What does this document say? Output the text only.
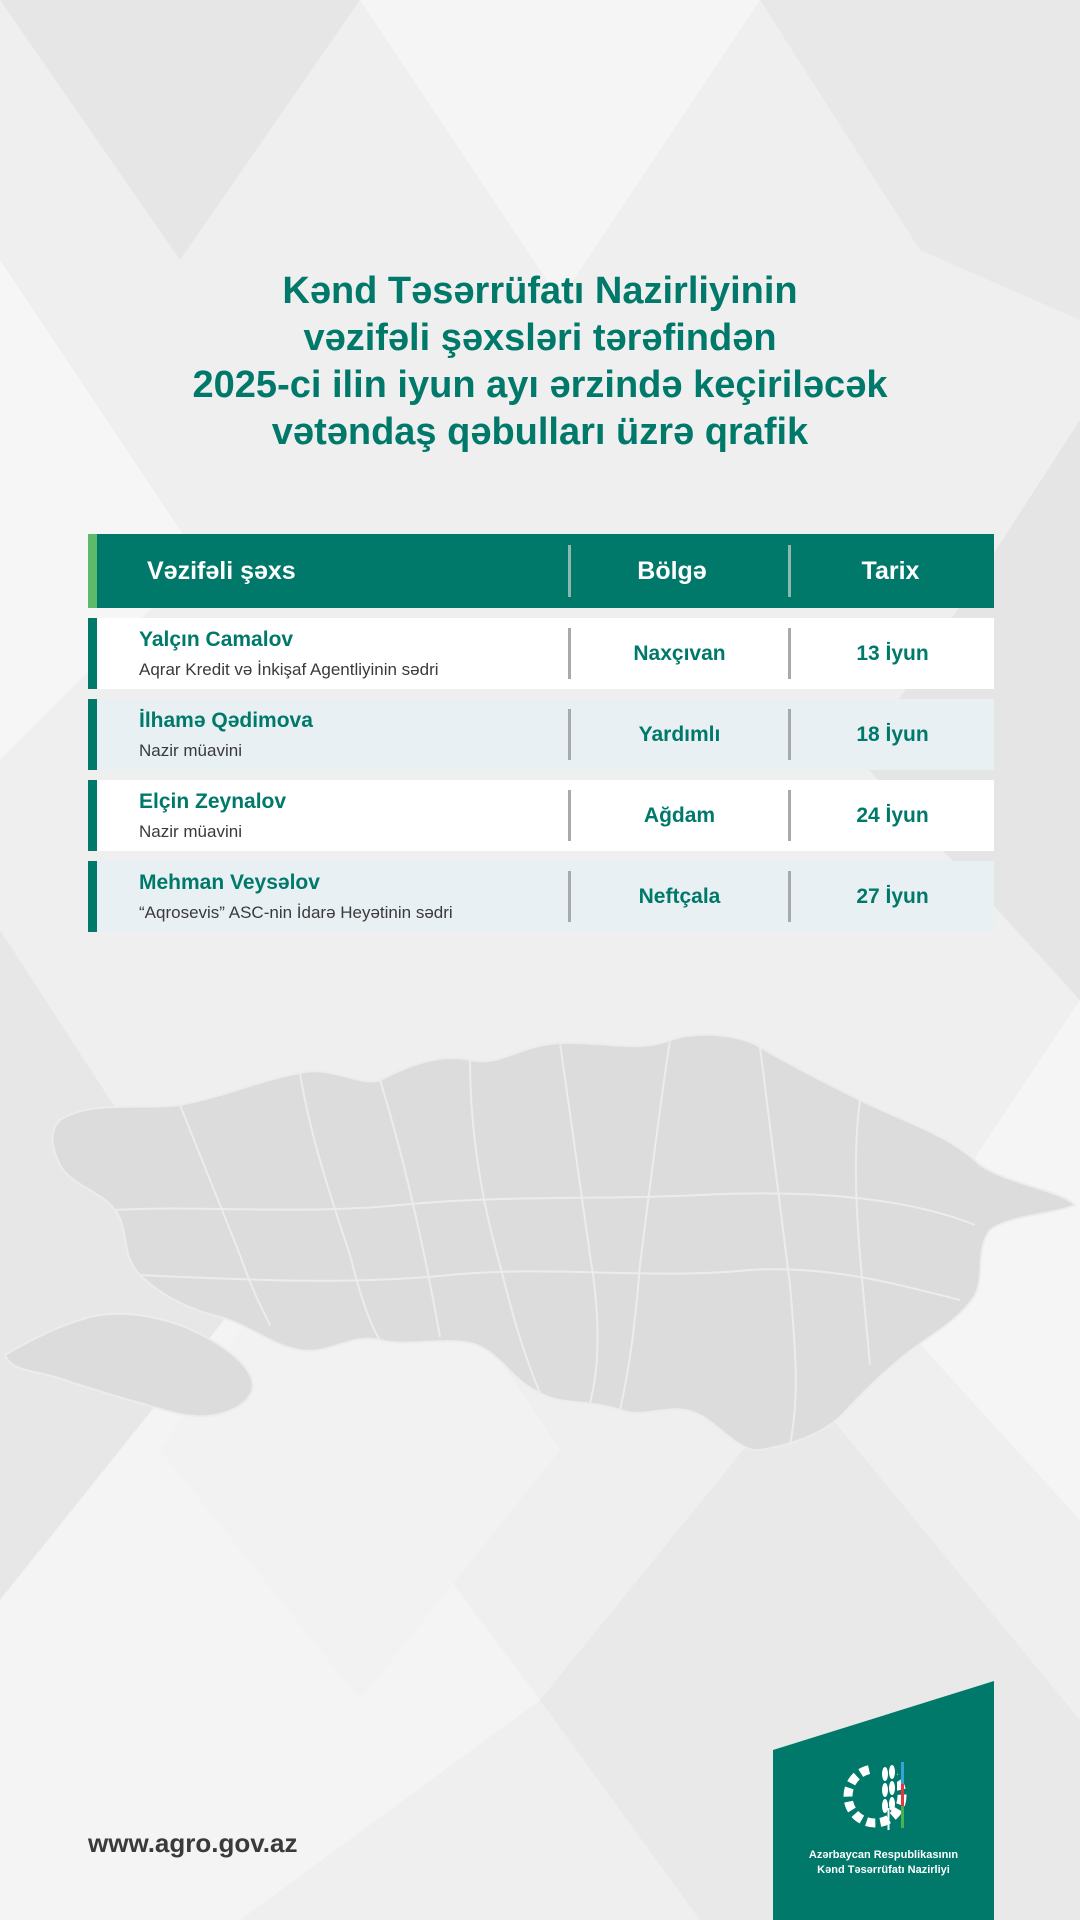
Kənd Təsərrüfatı Nazirliyinin
vəzifəli şəxsləri tərəfindən
2025-ci ilin iyun ayı ərzində keçiriləcək
vətəndaş qəbulları üzrə qrafik
Vəzifəli şəxs	Bölgə	Tarix
Yalçın Camalov
Aqrar Kredit və İnkişaf Agentliyinin sədri
Naxçıvan	13 İyun
İlhamə Qədimova
Nazir müavini
Yardımlı	18 İyun
Elçin Zeynalov
Nazir müavini
Ağdam	24 İyun
Mehman Veysəlov
“Aqrosevis” ASC-nin İdarə Heyətinin sədri
Neftçala	27 İyun
www.agro.gov.az	Azərbaycan Respublikasının
Kənd Təsərrüfatı Nazirliyi
